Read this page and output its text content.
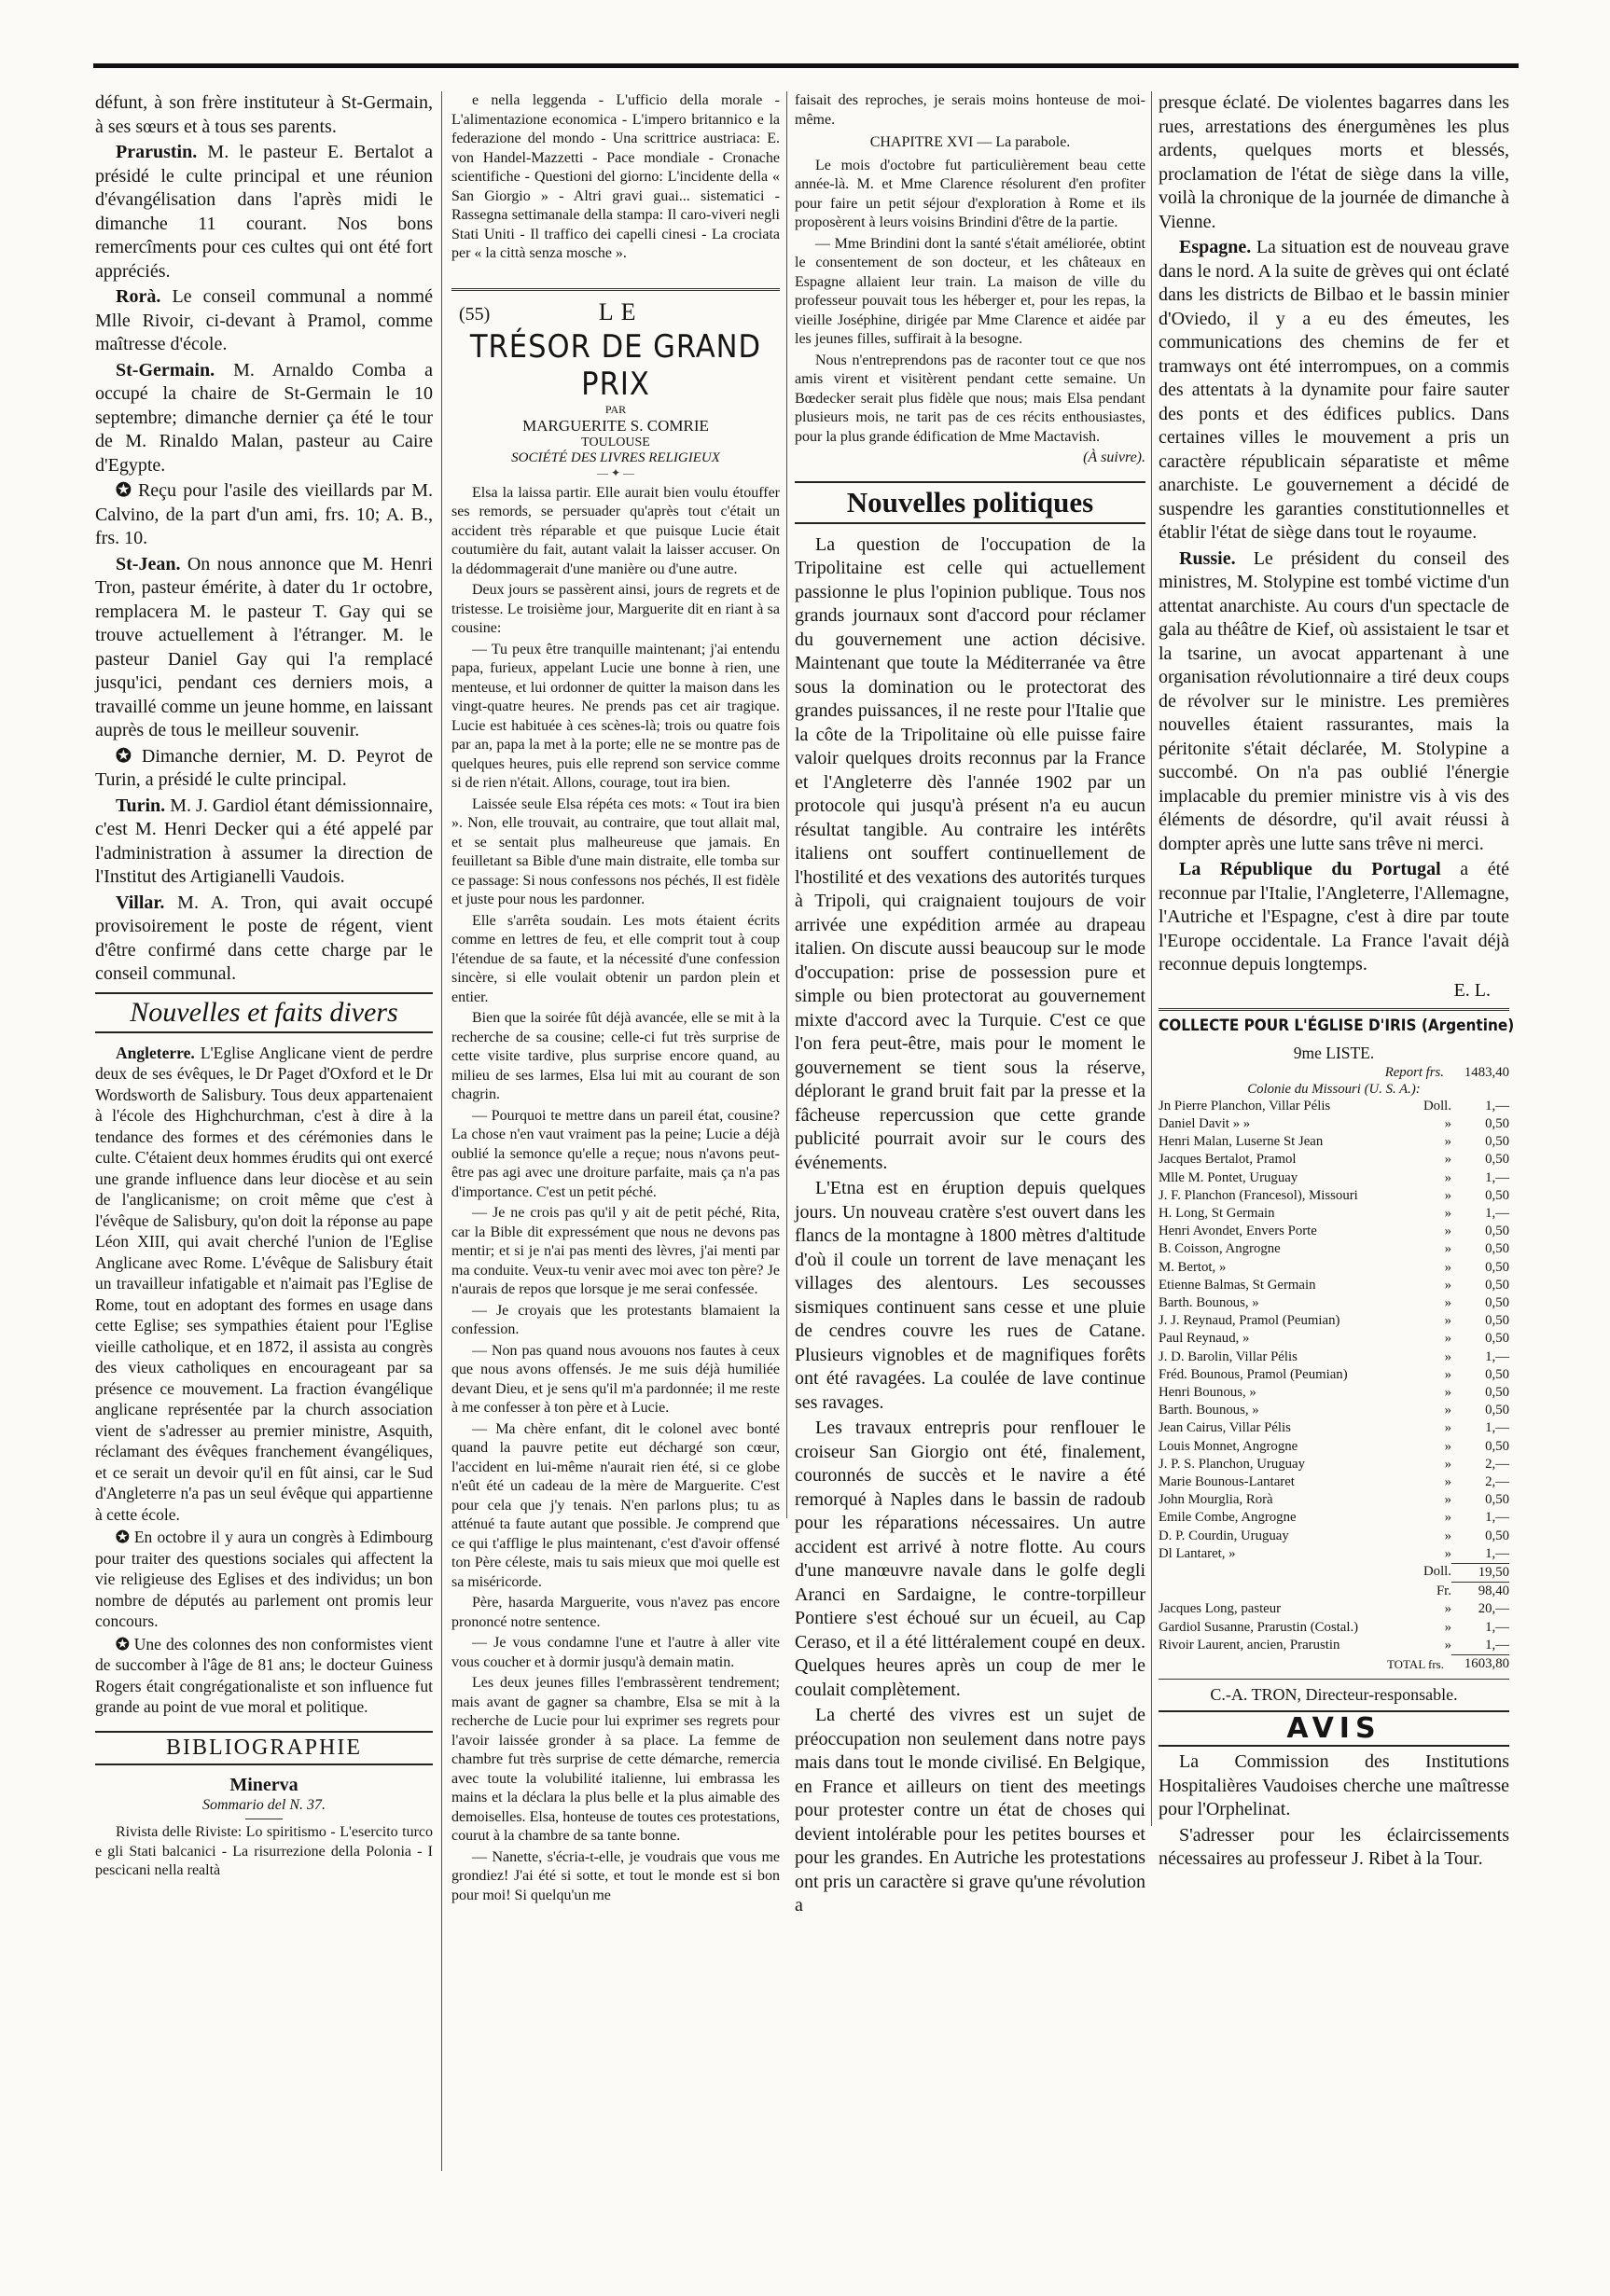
défunt, à son frère instituteur à St-Germain, à ses sœurs et à tous ses parents.
Prarustin. M. le pasteur E. Bertalot a présidé le culte principal et une réunion d'évangélisation dans l'après midi le dimanche 11 courant. Nos bons remercîments pour ces cultes qui ont été fort appréciés.
Rorà. Le conseil communal a nommé Mlle Rivoir, ci-devant à Pramol, comme maîtresse d'école.
St-Germain. M. Arnaldo Comba a occupé la chaire de St-Germain le 10 septembre; dimanche dernier ça été le tour de M. Rinaldo Malan, pasteur au Caire d'Egypte.
✪ Reçu pour l'asile des vieillards par M. Calvino, de la part d'un ami, frs. 10; A. B., frs. 10.
St-Jean. On nous annonce que M. Henri Tron, pasteur émérite, à dater du 1r octobre, remplacera M. le pasteur T. Gay qui se trouve actuellement à l'étranger. M. le pasteur Daniel Gay qui l'a remplacé jusqu'ici, pendant ces derniers mois, a travaillé comme un jeune homme, en laissant auprès de tous le meilleur souvenir.
✪ Dimanche dernier, M. D. Peyrot de Turin, a présidé le culte principal.
Turin. M. J. Gardiol étant démissionnaire, c'est M. Henri Decker qui a été appelé par l'administration à assumer la direction de l'Institut des Artigianelli Vaudois.
Villar. M. A. Tron, qui avait occupé provisoirement le poste de régent, vient d'être confirmé dans cette charge par le conseil communal.
Nouvelles et faits divers
Angleterre. L'Eglise Anglicane vient de perdre deux de ses évêques, le Dr Paget d'Oxford et le Dr Wordsworth de Salisbury. Tous deux appartenaient à l'école des Highchurchman, c'est à dire à la tendance des formes et des cérémonies dans le culte. C'étaient deux hommes érudits qui ont exercé une grande influence dans leur diocèse et au sein de l'anglicanisme; on croit même que c'est à l'évêque de Salisbury, qu'on doit la réponse au pape Léon XIII, qui avait cherché l'union de l'Eglise Anglicane avec Rome. L'évêque de Salisbury était un travailleur infatigable et n'aimait pas l'Eglise de Rome, tout en adoptant des formes en usage dans cette Eglise; ses sympathies étaient pour l'Eglise vieille catholique, et en 1872, il assista au congrès des vieux catholiques en encourageant par sa présence ce mouvement. La fraction évangélique anglicane représentée par la church association vient de s'adresser au premier ministre, Asquith, réclamant des évêques franchement évangéliques, et ce serait un devoir qu'il en fût ainsi, car le Sud d'Angleterre n'a pas un seul évêque qui appartienne à cette école.
✪ En octobre il y aura un congrès à Edimbourg pour traiter des questions sociales qui affectent la vie religieuse des Eglises et des individus; un bon nombre de députés au parlement ont promis leur concours.
✪ Une des colonnes des non conformistes vient de succomber à l'âge de 81 ans; le docteur Guiness Rogers était congrégationaliste et son influence fut grande au point de vue moral et politique.
BIBLIOGRAPHIE
Minerva
Sommario del N. 37.
Rivista delle Riviste: Lo spiritismo - L'esercito turco e gli Stati balcanici - La risurrezione della Polonia - I pescicani nella realtà
e nella leggenda - L'ufficio della morale - L'alimentazione economica - L'impero britannico e la federazione del mondo - Una scrittrice austriaca: E. von Handel-Mazzetti - Pace mondiale - Cronache scientifiche - Questioni del giorno: L'incidente della « San Giorgio » - Altri gravi guai... sistematici - Rassegna settimanale della stampa: Il caro-viveri negli Stati Uniti - Il traffico dei capelli cinesi - La crociata per « la città senza mosche ».
(55)	LE
TRÉSOR DE GRAND PRIX
PAR
MARGUERITE S. COMRIE
TOULOUSE
SOCIÉTÉ DES LIVRES RELIGIEUX
— ✦ —
Elsa la laissa partir. Elle aurait bien voulu étouffer ses remords, se persuader qu'après tout c'était un accident très réparable et que puisque Lucie était coutumière du fait, autant valait la laisser accuser. On la dédommagerait d'une manière ou d'une autre.
Deux jours se passèrent ainsi, jours de regrets et de tristesse. Le troisième jour, Marguerite dit en riant à sa cousine:
— Tu peux être tranquille maintenant; j'ai entendu papa, furieux, appelant Lucie une bonne à rien, une menteuse, et lui ordonner de quitter la maison dans les vingt-quatre heures. Ne prends pas cet air tragique. Lucie est habituée à ces scènes-là; trois ou quatre fois par an, papa la met à la porte; elle ne se montre pas de quelques heures, puis elle reprend son service comme si de rien n'était. Allons, courage, tout ira bien.
Laissée seule Elsa répéta ces mots: « Tout ira bien ». Non, elle trouvait, au contraire, que tout allait mal, et se sentait plus malheureuse que jamais. En feuilletant sa Bible d'une main distraite, elle tomba sur ce passage: Si nous confessons nos péchés, Il est fidèle et juste pour nous les pardonner.
Elle s'arrêta soudain. Les mots étaient écrits comme en lettres de feu, et elle comprit tout à coup l'étendue de sa faute, et la nécessité d'une confession sincère, si elle voulait obtenir un pardon plein et entier.
Bien que la soirée fût déjà avancée, elle se mit à la recherche de sa cousine; celle-ci fut très surprise de cette visite tardive, plus surprise encore quand, au milieu de ses larmes, Elsa lui mit au courant de son chagrin.
— Pourquoi te mettre dans un pareil état, cousine? La chose n'en vaut vraiment pas la peine; Lucie a déjà oublié la semonce qu'elle a reçue; nous n'avons peut-être pas agi avec une droiture parfaite, mais ça n'a pas d'importance. C'est un petit péché.
— Je ne crois pas qu'il y ait de petit péché, Rita, car la Bible dit expressément que nous ne devons pas mentir; et si je n'ai pas menti des lèvres, j'ai menti par ma conduite. Veux-tu venir avec moi avec ton père? Je n'aurais de repos que lorsque je me serai confessée.
— Je croyais que les protestants blamaient la confession.
— Non pas quand nous avouons nos fautes à ceux que nous avons offensés. Je me suis déjà humiliée devant Dieu, et je sens qu'il m'a pardonnée; il me reste à me confesser à ton père et à Lucie.
— Ma chère enfant, dit le colonel avec bonté quand la pauvre petite eut déchargé son cœur, l'accident en lui-même n'aurait rien été, si ce globe n'eût été un cadeau de la mère de Marguerite. C'est pour cela que j'y tenais. N'en parlons plus; tu as atténué ta faute autant que possible. Je comprend que ce qui t'afflige le plus maintenant, c'est d'avoir offensé ton Père céleste, mais tu sais mieux que moi quelle est sa miséricorde.
Père, hasarda Marguerite, vous n'avez pas encore prononcé notre sentence.
— Je vous condamne l'une et l'autre à aller vite vous coucher et à dormir jusqu'à demain matin.
Les deux jeunes filles l'embrassèrent tendrement; mais avant de gagner sa chambre, Elsa se mit à la recherche de Lucie pour lui exprimer ses regrets pour l'avoir laissée gronder à sa place. La femme de chambre fut très surprise de cette démarche, remercia avec toute la volubilité italienne, lui embrassa les mains et la déclara la plus belle et la plus aimable des demoiselles. Elsa, honteuse de toutes ces protestations, courut à la chambre de sa tante bonne.
— Nanette, s'écria-t-elle, je voudrais que vous me grondiez! J'ai été si sotte, et tout le monde est si bon pour moi! Si quelqu'un me
faisait des reproches, je serais moins honteuse de moi-même.
CHAPITRE XVI — La parabole.
Le mois d'octobre fut particulièrement beau cette année-là. M. et Mme Clarence résolurent d'en profiter pour faire un petit séjour d'exploration à Rome et ils proposèrent à leurs voisins Brindini d'être de la partie.
— Mme Brindini dont la santé s'était améliorée, obtint le consentement de son docteur, et les châteaux en Espagne allaient leur train. La maison de ville du professeur pouvait tous les héberger et, pour les repas, la vieille Joséphine, dirigée par Mme Clarence et aidée par les jeunes filles, suffirait à la besogne.
Nous n'entreprendons pas de raconter tout ce que nos amis virent et visitèrent pendant cette semaine. Un Bœdecker serait plus fidèle que nous; mais Elsa pendant plusieurs mois, ne tarit pas de ces récits enthousiastes, pour la plus grande édification de Mme Mactavish.
(À suivre).
Nouvelles politiques
La question de l'occupation de la Tripolitaine est celle qui actuellement passionne le plus l'opinion publique. Tous nos grands journaux sont d'accord pour réclamer du gouvernement une action décisive. Maintenant que toute la Méditerranée va être sous la domination ou le protectorat des grandes puissances, il ne reste pour l'Italie que la côte de la Tripolitaine où elle puisse faire valoir quelques droits reconnus par la France et l'Angleterre dès l'année 1902 par un protocole qui jusqu'à présent n'a eu aucun résultat tangible. Au contraire les intérêts italiens ont souffert continuellement de l'hostilité et des vexations des autorités turques à Tripoli, qui craignaient toujours de voir arrivée une expédition armée au drapeau italien. On discute aussi beaucoup sur le mode d'occupation: prise de possession pure et simple ou bien protectorat au gouvernement mixte d'accord avec la Turquie. C'est ce que l'on fera peut-être, mais pour le moment le gouvernement se tient sous la réserve, déplorant le grand bruit fait par la presse et la fâcheuse repercussion que cette grande publicité pourrait avoir sur le cours des événements.
L'Etna est en éruption depuis quelques jours. Un nouveau cratère s'est ouvert dans les flancs de la montagne à 1800 mètres d'altitude d'où il coule un torrent de lave menaçant les villages des alentours. Les secousses sismiques continuent sans cesse et une pluie de cendres couvre les rues de Catane. Plusieurs vignobles et de magnifiques forêts ont été ravagées. La coulée de lave continue ses ravages.
Les travaux entrepris pour renflouer le croiseur San Giorgio ont été, finalement, couronnés de succès et le navire a été remorqué à Naples dans le bassin de radoub pour les réparations nécessaires. Un autre accident est arrivé à notre flotte. Au cours d'une manœuvre navale dans le golfe degli Aranci en Sardaigne, le contre-torpilleur Pontiere s'est échoué sur un écueil, au Cap Ceraso, et il a été littéralement coupé en deux. Quelques heures après un coup de mer le coulait complètement.
La cherté des vivres est un sujet de préoccupation non seulement dans notre pays mais dans tout le monde civilisé. En Belgique, en France et ailleurs on tient des meetings pour protester contre un état de choses qui devient intolérable pour les petites bourses et pour les grandes. En Autriche les protestations ont pris un caractère si grave qu'une révolution a
presque éclaté. De violentes bagarres dans les rues, arrestations des énergumènes les plus ardents, quelques morts et blessés, proclamation de l'état de siège dans la ville, voilà la chronique de la journée de dimanche à Vienne.
Espagne. La situation est de nouveau grave dans le nord. A la suite de grèves qui ont éclaté dans les districts de Bilbao et le bassin minier d'Oviedo, il y a eu des émeutes, les communications des chemins de fer et tramways ont été interrompues, on a commis des attentats à la dynamite pour faire sauter des ponts et des édifices publics. Dans certaines villes le mouvement a pris un caractère républicain séparatiste et même anarchiste. Le gouvernement a décidé de suspendre les garanties constitutionnelles et établir l'état de siège dans tout le royaume.
Russie. Le président du conseil des ministres, M. Stolypine est tombé victime d'un attentat anarchiste. Au cours d'un spectacle de gala au théâtre de Kief, où assistaient le tsar et la tsarine, un avocat appartenant à une organisation révolutionnaire a tiré deux coups de révolver sur le ministre. Les premières nouvelles étaient rassurantes, mais la péritonite s'était déclarée, M. Stolypine a succombé. On n'a pas oublié l'énergie implacable du premier ministre vis à vis des éléments de désordre, qu'il avait réussi à dompter après une lutte sans trêve ni merci.
La République du Portugal a été reconnue par l'Italie, l'Angleterre, l'Allemagne, l'Autriche et l'Espagne, c'est à dire par toute l'Europe occidentale. La France l'avait déjà reconnue depuis longtemps.
E. L.
COLLECTE POUR L'ÉGLISE D'IRIS (Argentine)
9me LISTE.
Report frs.	1483,40
Colonie du Missouri (U. S. A.):
Jn Pierre Planchon, Villar Pélis	Doll.	1,—
Daniel Davit » »	»	0,50
Henri Malan, Luserne St Jean	»	0,50
Jacques Bertalot, Pramol	»	0,50
Mlle M. Pontet, Uruguay	»	1,—
J. F. Planchon (Francesol), Missouri	»	0,50
H. Long, St Germain	»	1,—
Henri Avondet, Envers Porte	»	0,50
B. Coisson, Angrogne	»	0,50
M. Bertot, »	»	0,50
Etienne Balmas, St Germain	»	0,50
Barth. Bounous, »	»	0,50
J. J. Reynaud, Pramol (Peumian)	»	0,50
Paul Reynaud, »	»	0,50
J. D. Barolin, Villar Pélis	»	1,—
Fréd. Bounous, Pramol (Peumian)	»	0,50
Henri Bounous, »	»	0,50
Barth. Bounous, »	»	0,50
Jean Cairus, Villar Pélis	»	1,—
Louis Monnet, Angrogne	»	0,50
J. P. S. Planchon, Uruguay	»	2,—
Marie Bounous-Lantaret	»	2,—
John Mourglia, Rorà	»	0,50
Emile Combe, Angrogne	»	1,—
D. P. Courdin, Uruguay	»	0,50
Dl Lantaret, »	»	1,—
	Doll.	19,50
	Fr.	98,40
Jacques Long, pasteur	»	20,—
Gardiol Susanne, Prarustin (Costal.)	»	1,—
Rivoir Laurent, ancien, Prarustin	»	1,—
TOTAL frs.	1603,80
C.-A. TRON, Directeur-responsable.
AVIS
La Commission des Institutions Hospitalières Vaudoises cherche une maîtresse pour l'Orphelinat.
S'adresser pour les éclaircissements nécessaires au professeur J. Ribet à la Tour.
